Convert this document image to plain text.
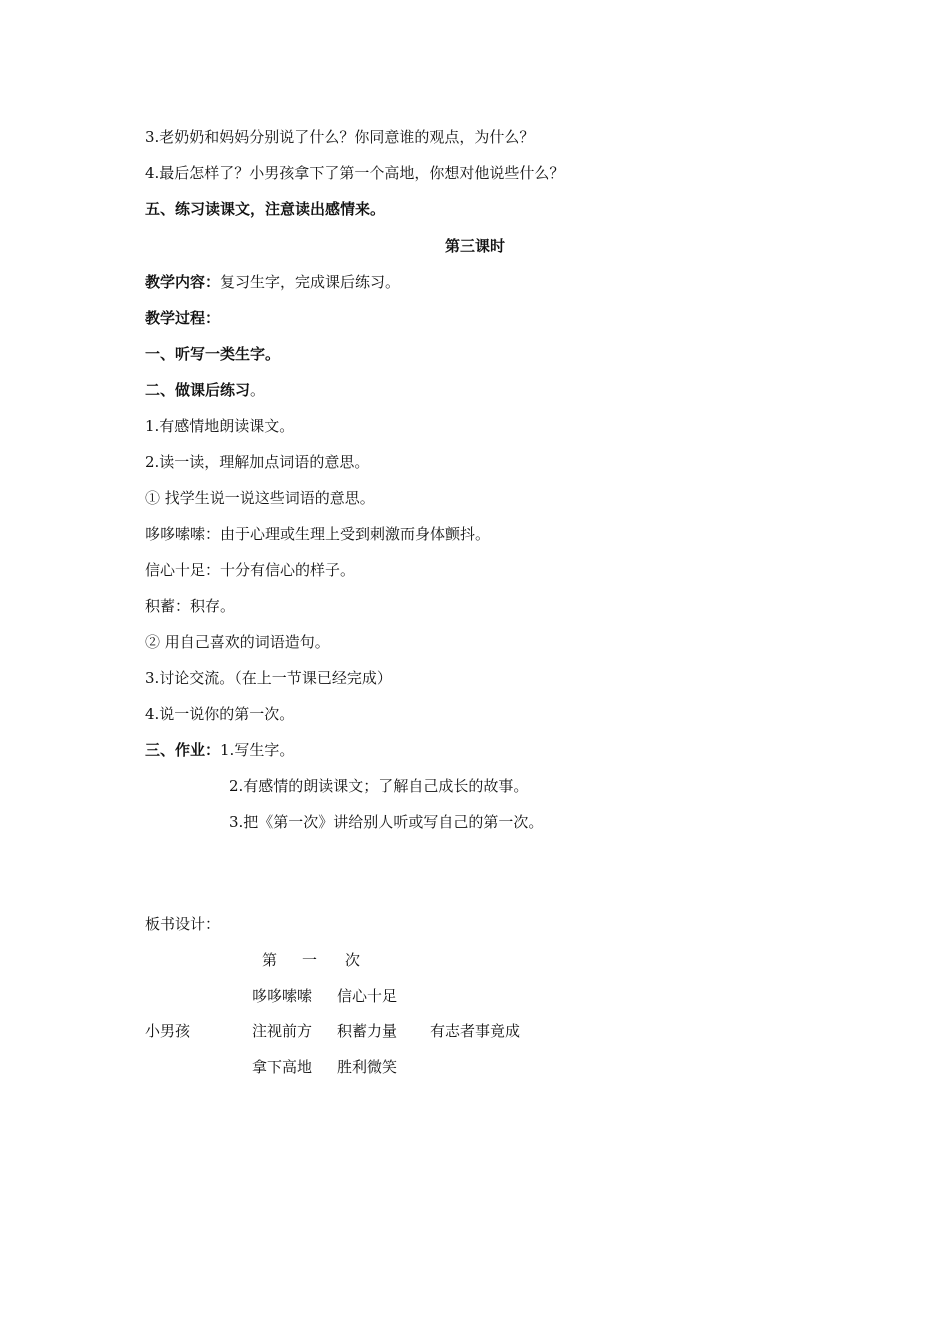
3.老奶奶和妈妈分别说了什么？你同意谁的观点，为什么？
4.最后怎样了？小男孩拿下了第一个高地，你想对他说些什么？
五、练习读课文，注意读出感情来。
第三课时
教学内容：复习生字，完成课后练习。
教学过程：
一、听写一类生字。
二、做课后练习。
1.有感情地朗读课文。
2.读一读，理解加点词语的意思。
① 找学生说一说这些词语的意思。
哆哆嗦嗦：由于心理或生理上受到刺激而身体颤抖。
信心十足：十分有信心的样子。
积蓄：积存。
② 用自己喜欢的词语造句。
3.讨论交流。（在上一节课已经完成）
4.说一说你的第一次。
三、作业：1.写生字。
2.有感情的朗读课文；了解自己成长的故事。
3.把《第一次》讲给别人听或写自己的第一次。
板书设计：
第 一 次
哆哆嗦嗦 信心十足
小男孩	注视前方 积蓄力量 有志者事竟成
拿下高地 胜利微笑
